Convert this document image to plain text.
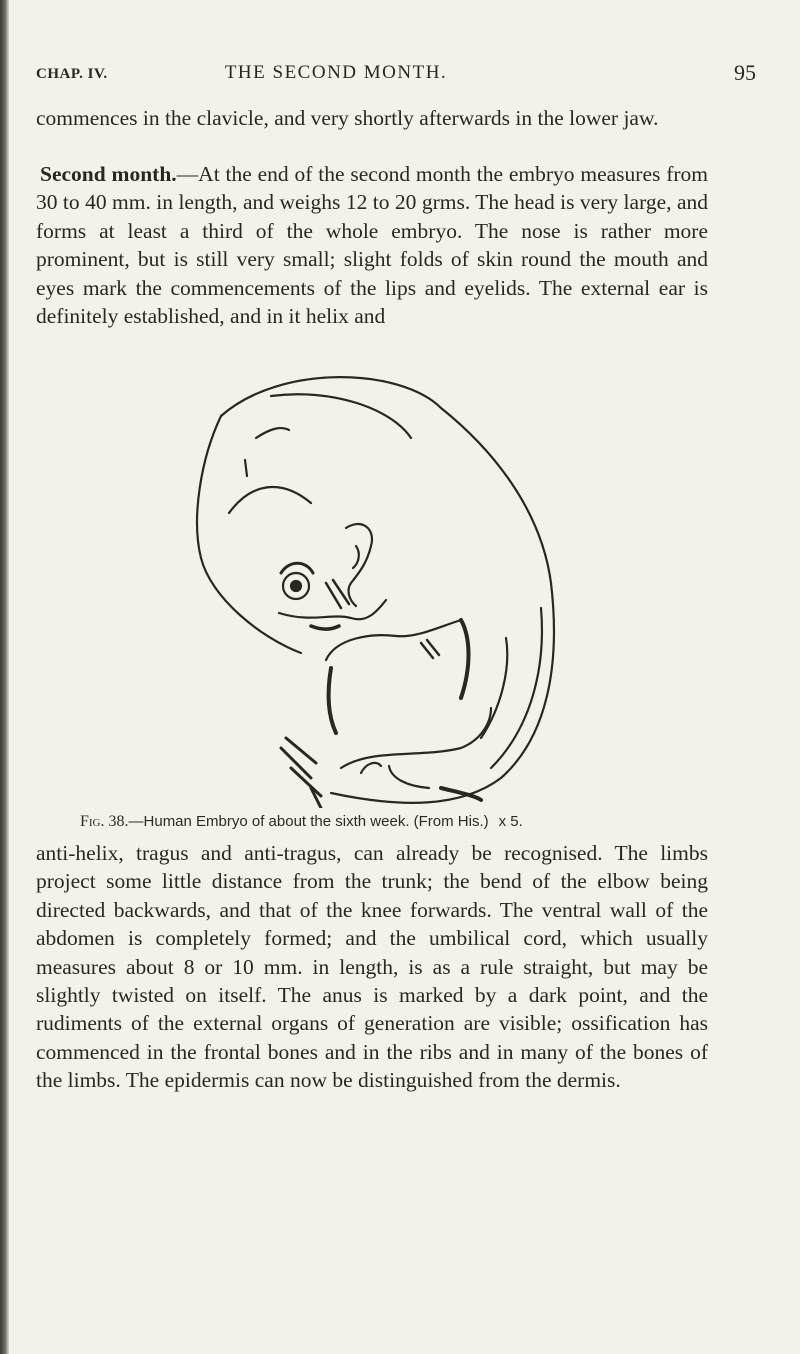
CHAP. IV.	THE SECOND MONTH.	95

commences in the clavicle, and very shortly afterwards in the lower jaw.

Second month.—At the end of the second month the embryo measures from 30 to 40 mm. in length, and weighs 12 to 20 grms. The head is very large, and forms at least a third of the whole embryo. The nose is rather more prominent, but is still very small; slight folds of skin round the mouth and eyes mark the commencements of the lips and eyelids. The external ear is definitely established, and in it helix and

Fig. 38.—Human Embryo of about the sixth week. (From His.) x 5.

anti-helix, tragus and anti-tragus, can already be recognised. The limbs project some little distance from the trunk; the bend of the elbow being directed backwards, and that of the knee forwards. The ventral wall of the abdomen is completely formed; and the umbilical cord, which usually measures about 8 or 10 mm. in length, is as a rule straight, but may be slightly twisted on itself. The anus is marked by a dark point, and the rudiments of the external organs of generation are visible; ossification has commenced in the frontal bones and in the ribs and in many of the bones of the limbs. The epidermis can now be distinguished from the dermis.
